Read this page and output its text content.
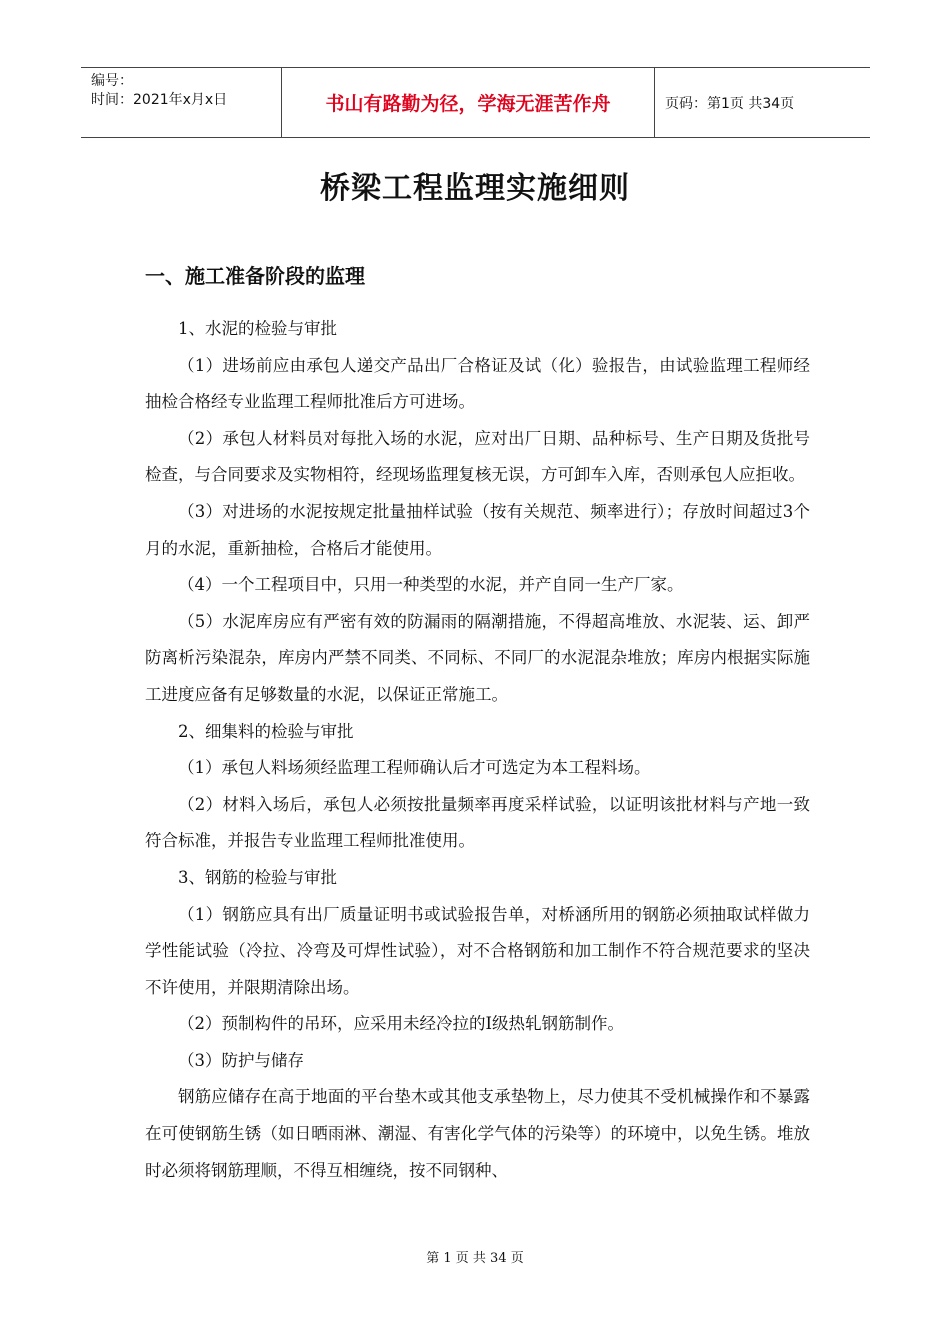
编号：
时间：2021年x月x日	书山有路勤为径，学海无涯苦作舟	页码：第1页 共34页
桥梁工程监理实施细则
一、施工准备阶段的监理

1、水泥的检验与审批

（1）进场前应由承包人递交产品出厂合格证及试（化）验报告，由试验监理工程师经抽检合格经专业监理工程师批准后方可进场。

（2）承包人材料员对每批入场的水泥，应对出厂日期、品种标号、生产日期及货批号检查，与合同要求及实物相符，经现场监理复核无误，方可卸车入库，否则承包人应拒收。

（3）对进场的水泥按规定批量抽样试验（按有关规范、频率进行）；存放时间超过3个月的水泥，重新抽检，合格后才能使用。

（4）一个工程项目中，只用一种类型的水泥，并产自同一生产厂家。

（5）水泥库房应有严密有效的防漏雨的隔潮措施，不得超高堆放、水泥装、运、卸严防离析污染混杂，库房内严禁不同类、不同标、不同厂的水泥混杂堆放；库房内根据实际施工进度应备有足够数量的水泥，以保证正常施工。

2、细集料的检验与审批

（1）承包人料场须经监理工程师确认后才可选定为本工程料场。

（2）材料入场后，承包人必须按批量频率再度采样试验，以证明该批材料与产地一致符合标准，并报告专业监理工程师批准使用。

3、钢筋的检验与审批

（1）钢筋应具有出厂质量证明书或试验报告单，对桥涵所用的钢筋必须抽取试样做力学性能试验（冷拉、冷弯及可焊性试验），对不合格钢筋和加工制作不符合规范要求的坚决不许使用，并限期清除出场。

（2）预制构件的吊环，应采用未经冷拉的Ⅰ级热轧钢筋制作。

（3）防护与储存

钢筋应储存在高于地面的平台垫木或其他支承垫物上，尽力使其不受机械操作和不暴露在可使钢筋生锈（如日晒雨淋、潮湿、有害化学气体的污染等）的环境中，以免生锈。堆放时必须将钢筋理顺，不得互相缠绕，按不同钢种、

第 1 页 共 34 页
